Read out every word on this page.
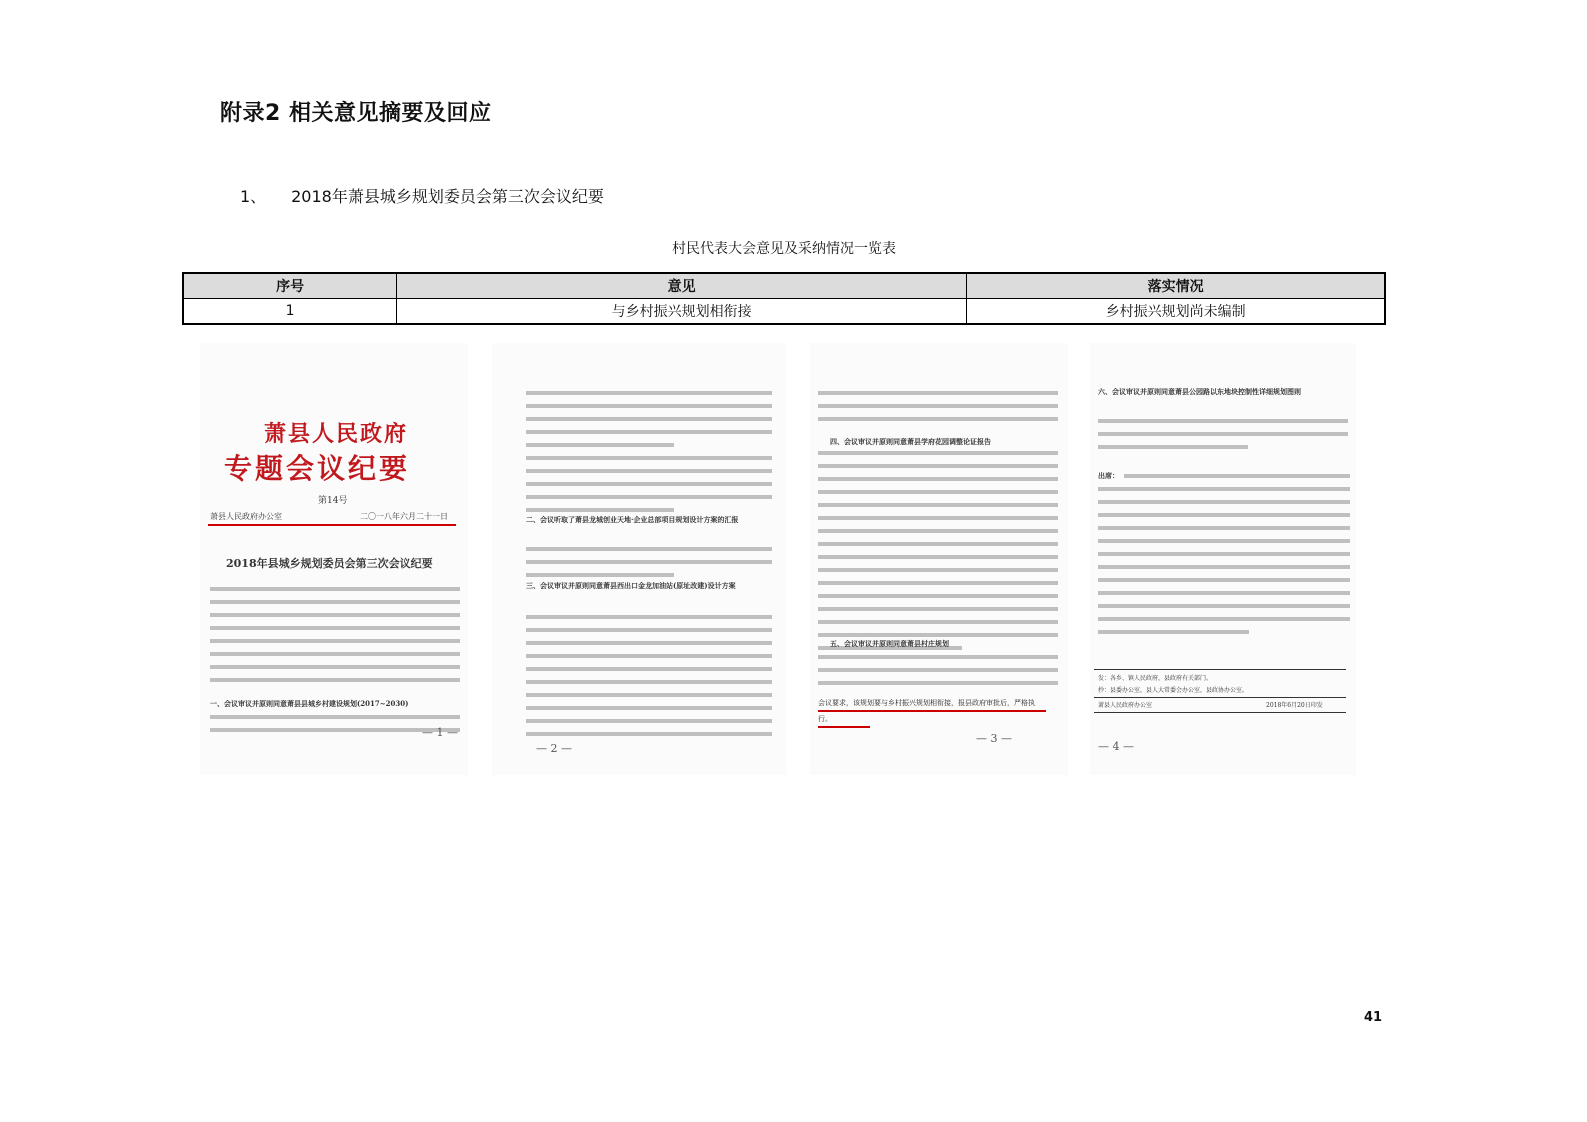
附录2 相关意见摘要及回应
1、 2018年萧县城乡规划委员会第三次会议纪要
村民代表大会意见及采纳情况一览表
序号	意见	落实情况
1	与乡村振兴规划相衔接	乡村振兴规划尚未编制
萧县人民政府
专题会议纪要
第14号
萧县人民政府办公室	二〇一八年六月二十一日
2018年县城乡规划委员会第三次会议纪要
一、会议审议并原则同意萧县县城乡村建设规划(2017~2030)
— 1 —
二、会议听取了萧县龙城创业天地·企业总部项目规划设计方案的汇报
三、会议审议并原则同意萧县西出口金龙加油站(原址改建)设计方案
— 2 —
四、会议审议并原则同意萧县学府花园调整论证报告
五、会议审议并原则同意萧县村庄规划
会议要求，该规划要与乡村振兴规划相衔接，报县政府审批后，严格执行。
— 3 —
六、会议审议并原则同意萧县公园路以东地块控制性详细规划图则
出席：
发：各乡、镇人民政府，县政府有关部门。
抄：县委办公室，县人大常委会办公室，县政协办公室。
萧县人民政府办公室	2018年6月20日印发
— 4 —
41
